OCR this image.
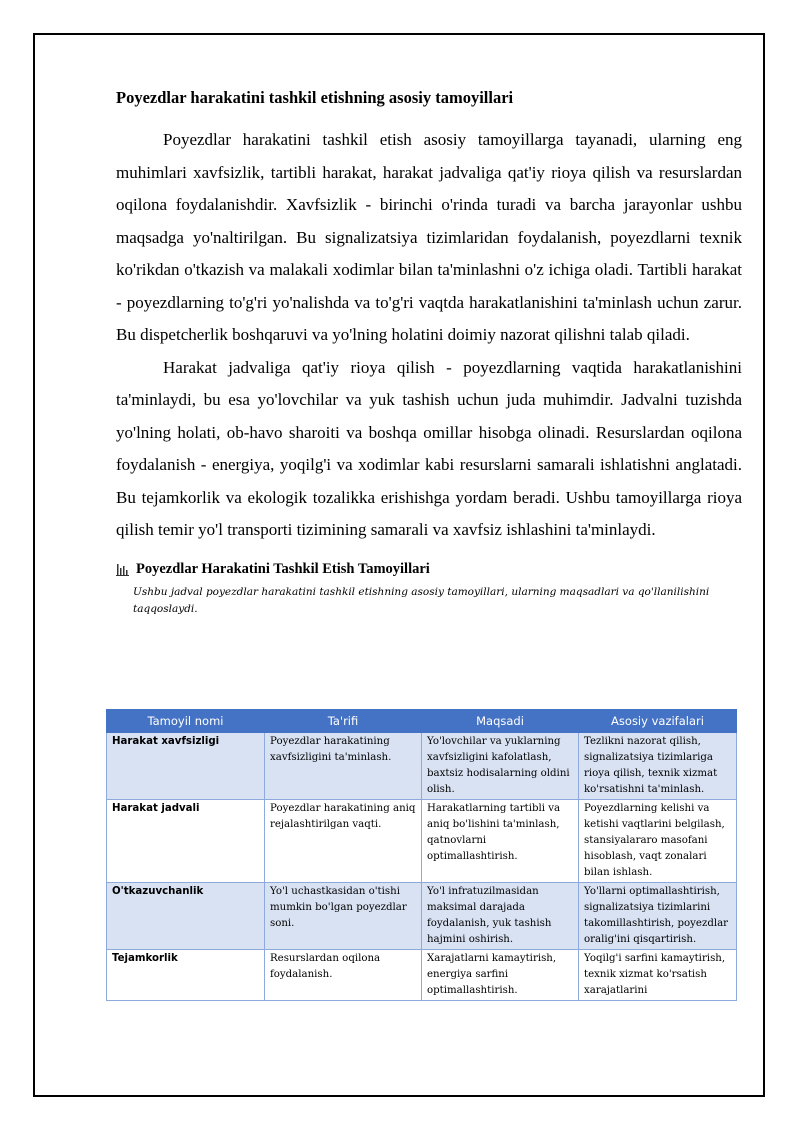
Poyezdlar harakatini tashkil etishning asosiy tamoyillari

Poyezdlar harakatini tashkil etish asosiy tamoyillarga tayanadi, ularning eng muhimlari xavfsizlik, tartibli harakat, harakat jadvaliga qat'iy rioya qilish va resurslardan oqilona foydalanishdir. Xavfsizlik - birinchi o'rinda turadi va barcha jarayonlar ushbu maqsadga yo'naltirilgan. Bu signalizatsiya tizimlaridan foydalanish, poyezdlarni texnik ko'rikdan o'tkazish va malakali xodimlar bilan ta'minlashni o'z ichiga oladi. Tartibli harakat - poyezdlarning to'g'ri yo'nalishda va to'g'ri vaqtda harakatlanishini ta'minlash uchun zarur. Bu dispetcherlik boshqaruvi va yo'lning holatini doimiy nazorat qilishni talab qiladi.

Harakat jadvaliga qat'iy rioya qilish - poyezdlarning vaqtida harakatlanishini ta'minlaydi, bu esa yo'lovchilar va yuk tashish uchun juda muhimdir. Jadvalni tuzishda yo'lning holati, ob-havo sharoiti va boshqa omillar hisobga olinadi. Resurslardan oqilona foydalanish - energiya, yoqilg'i va xodimlar kabi resurslarni samarali ishlatishni anglatadi. Bu tejamkorlik va ekologik tozalikka erishishga yordam beradi. Ushbu tamoyillarga rioya qilish temir yo'l transporti tizimining samarali va xavfsiz ishlashini ta'minlaydi.

Poyezdlar Harakatini Tashkil Etish Tamoyillari
Ushbu jadval poyezdlar harakatini tashkil etishning asosiy tamoyillari, ularning maqsadlari va qo'llanilishini taqqoslaydi.
Tamoyil nomi	Ta'rifi	Maqsadi	Asosiy vazifalari
Harakat xavfsizligi	Poyezdlar harakatining xavfsizligini ta'minlash.	Yo'lovchilar va yuklarning xavfsizligini kafolatlash, baxtsiz hodisalarning oldini olish.	Tezlikni nazorat qilish, signalizatsiya tizimlariga rioya qilish, texnik xizmat ko'rsatishni ta'minlash.
Harakat jadvali	Poyezdlar harakatining aniq rejalashtirilgan vaqti.	Harakatlarning tartibli va aniq bo'lishini ta'minlash, qatnovlarni optimallashtirish.	Poyezdlarning kelishi va ketishi vaqtlarini belgilash, stansiyalararo masofani hisoblash, vaqt zonalari bilan ishlash.
O'tkazuvchanlik	Yo'l uchastkasidan o'tishi mumkin bo'lgan poyezdlar soni.	Yo'l infratuzilmasidan maksimal darajada foydalanish, yuk tashish hajmini oshirish.	Yo'llarni optimallashtirish, signalizatsiya tizimlarini takomillashtirish, poyezdlar oralig'ini qisqartirish.
Tejamkorlik	Resurslardan oqilona foydalanish.	Xarajatlarni kamaytirish, energiya sarfini optimallashtirish.	Yoqilg'i sarfini kamaytirish, texnik xizmat ko'rsatish xarajatlarini
